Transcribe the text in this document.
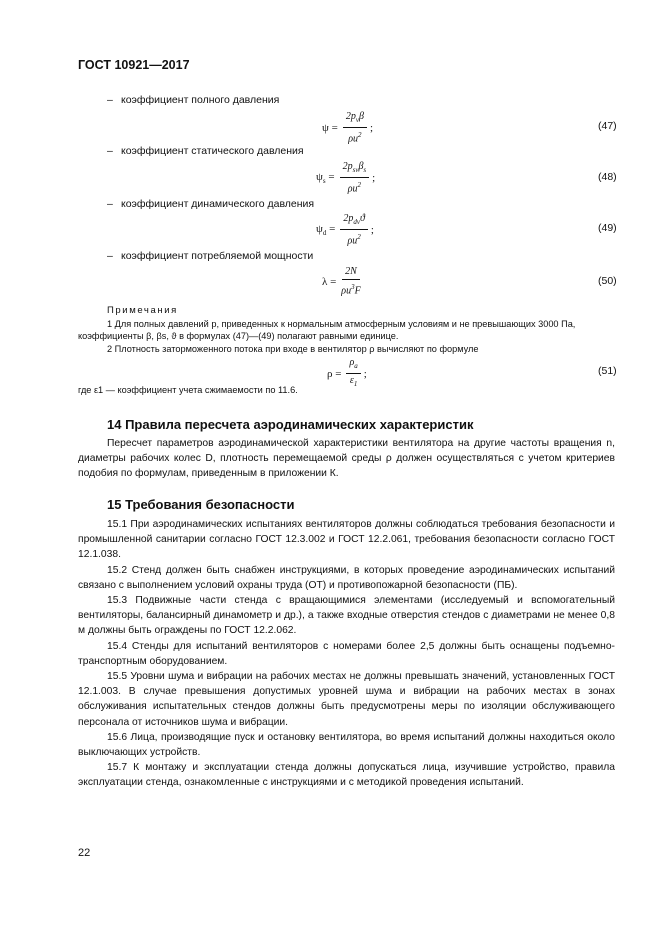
ГОСТ 10921—2017
– коэффициент полного давления
$\psi = \frac{2p_v\beta}{\rho u^2}$ ;	(47)
– коэффициент статического давления
$\psi_s = \frac{2p_{sv}\beta_s}{\rho u^2}$ ;	(48)
– коэффициент динамического давления
$\psi_d = \frac{2p_{dv}ϑ}{\rho u^2}$ ;	(49)
– коэффициент потребляемой мощности
$\lambda = \frac{2N}{\rho u^3F}$	(50)
Примечания
1 Для полных давлений p, приведенных к нормальным атмосферным условиям и не превышающих 3000 Па,
коэффициенты β, βs, ϑ в формулах (47)—(49) полагают равными единице.
2 Плотность заторможенного потока при входе в вентилятор ρ вычисляют по формуле
$\rho = \frac{\rho_a}{\varepsilon_1}$ ;	(51)
где ε1 — коэффициент учета сжимаемости по 11.6.
14 Правила пересчета аэродинамических характеристик

Пересчет параметров аэродинамической характеристики вентилятора на другие частоты вращения n, диаметры рабочих колес D, плотность перемещаемой среды ρ должен осуществляться с учетом критериев подобия по формулам, приведенным в приложении К.

15 Требования безопасности

15.1 При аэродинамических испытаниях вентиляторов должны соблюдаться требования безопасности и промышленной санитарии согласно ГОСТ 12.3.002 и ГОСТ 12.2.061, требования безопасности согласно ГОСТ 12.1.038.

15.2 Стенд должен быть снабжен инструкциями, в которых проведение аэродинамических испытаний связано с выполнением условий охраны труда (ОТ) и противопожарной безопасности (ПБ).

15.3 Подвижные части стенда с вращающимися элементами (исследуемый и вспомогательный вентиляторы, балансирный динамометр и др.), а также входные отверстия стендов с диаметрами не менее 0,8 м должны быть ограждены по ГОСТ 12.2.062.

15.4 Стенды для испытаний вентиляторов с номерами более 2,5 должны быть оснащены подъемно-транспортным оборудованием.

15.5 Уровни шума и вибрации на рабочих местах не должны превышать значений, установленных ГОСТ 12.1.003. В случае превышения допустимых уровней шума и вибрации на рабочих местах в зонах обслуживания испытательных стендов должны быть предусмотрены меры по изоляции обслуживающего персонала от источников шума и вибрации.

15.6 Лица, производящие пуск и остановку вентилятора, во время испытаний должны находиться около выключающих устройств.

15.7 К монтажу и эксплуатации стенда должны допускаться лица, изучившие устройство, правила эксплуатации стенда, ознакомленные с инструкциями и с методикой проведения испытаний.

22
